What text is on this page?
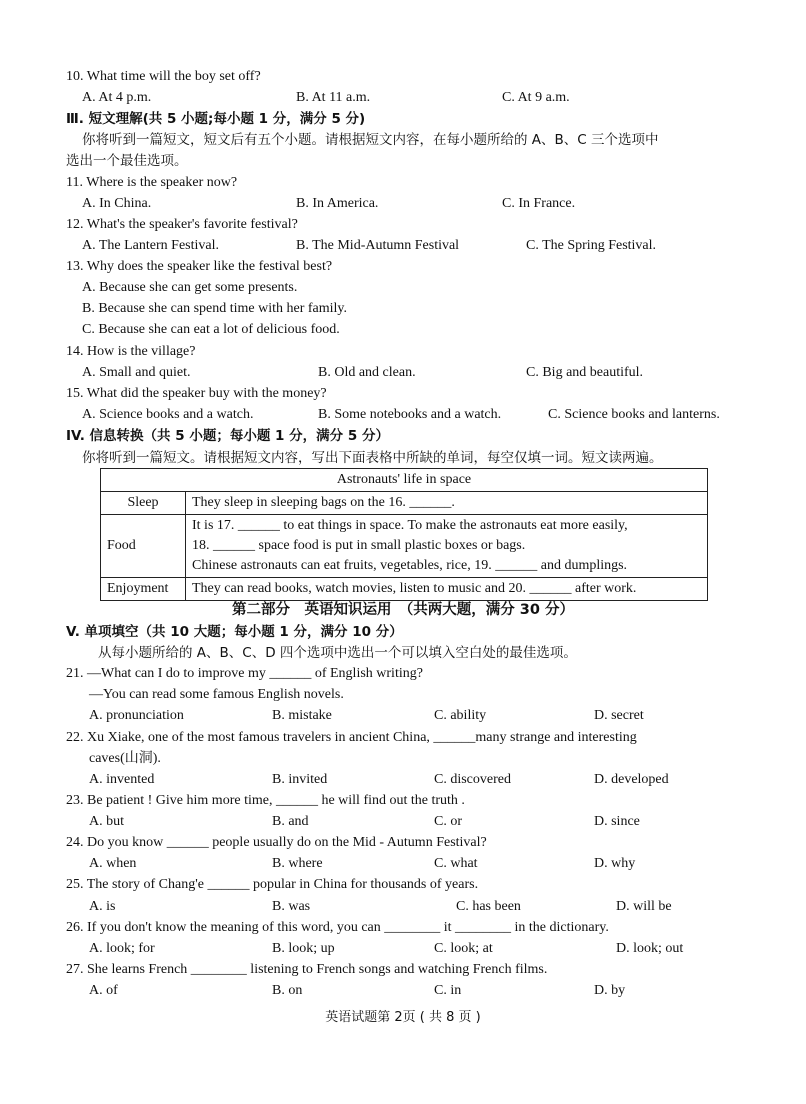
10. What time will the boy set off?
A. At 4 p.m.	B. At 11 a.m.	C. At 9 a.m.
Ⅲ. 短文理解(共 5 小题;每小题 1 分，满分 5 分)
你将听到一篇短文，短文后有五个小题。请根据短文内容，在每小题所给的 A、B、C 三个选项中
选出一个最佳选项。
11. Where is the speaker now?
A. In China.	B. In America.	C. In France.
12. What's the speaker's favorite festival?
A. The Lantern Festival.	B. The Mid-Autumn Festival	C. The Spring Festival.
13. Why does the speaker like the festival best?
A. Because she can get some presents.
B. Because she can spend time with her family.
C. Because she can eat a lot of delicious food.
14. How is the village?
A. Small and quiet.	B. Old and clean.	C. Big and beautiful.
15. What did the speaker buy with the money?
A. Science books and a watch.	B. Some notebooks and a watch.	C. Science books and lanterns.
IV. 信息转换（共 5 小题；每小题 1 分，满分 5 分）
你将听到一篇短文。请根据短文内容，写出下面表格中所缺的单词，每空仅填一词。短文读两遍。
Astronauts' life in space	
Sleep	They sleep in sleeping bags on the 16. ______.
Food	It is 17. ______ to eat things in space. To make the astronauts eat more easily,
18. ______ space food is put in small plastic boxes or bags.
Chinese astronauts can eat fruits, vegetables, rice, 19. ______ and dumplings.

Enjoyment	They can read books, watch movies, listen to music and 20. ______ after work.
第二部分　英语知识运用　（共两大题，满分 30 分）
V. 单项填空（共 10 大题；每小题 1 分，满分 10 分）
从每小题所给的 A、B、C、D 四个选项中选出一个可以填入空白处的最佳选项。
21. —What can I do to improve my ______ of English writing?
—You can read some famous English novels.
A. pronunciation	B. mistake	C. ability	D. secret
22. Xu Xiake, one of the most famous travelers in ancient China, ______many strange and interesting
caves(山洞).
A. invented	B. invited	C. discovered	D. developed
23. Be patient ! Give him more time, ______ he will find out the truth .
A. but	B. and	C. or	D. since
24. Do you know ______ people usually do on the Mid - Autumn Festival?
A. when	B. where	C. what	D. why
25. The story of Chang'e ______ popular in China for thousands of years.
A. is	B. was	C. has been	D. will be
26. If you don't know the meaning of this word, you can ________ it ________ in the dictionary.
A. look; for	B. look; up	C. look; at	D. look; out
27. She learns French ________ listening to French songs and watching French films.
A. of	B. on	C. in	D. by
英语试题第 2页 ( 共 8 页 )
